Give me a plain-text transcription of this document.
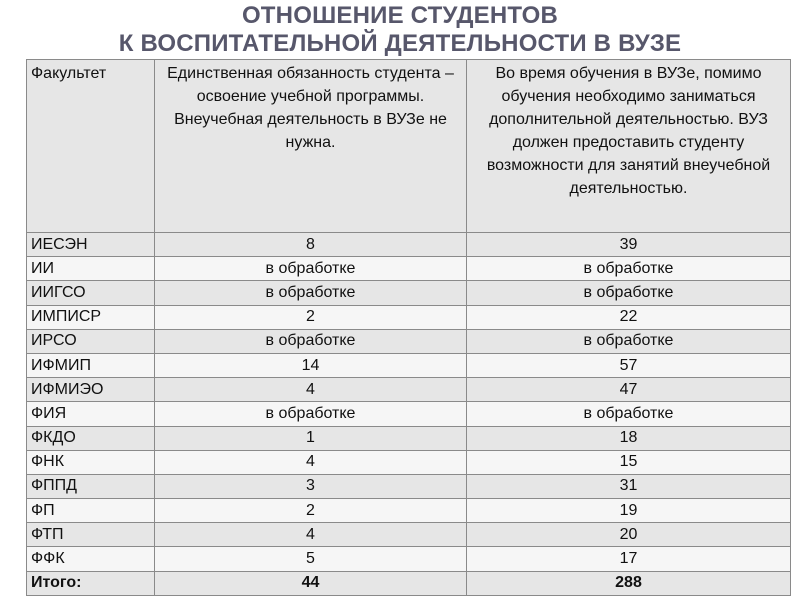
ОТНОШЕНИЕ СТУДЕНТОВ
К ВОСПИТАТЕЛЬНОЙ ДЕЯТЕЛЬНОСТИ В ВУЗЕ
Факультет	Единственная обязанность студента – освоение учебной программы. Внеучебная деятельность в ВУЗе не нужна.	Во время обучения в ВУЗе, помимо обучения необходимо заниматься дополнительной деятельностью. ВУЗ должен предоставить студенту возможности для занятий внеучебной деятельностью.
ИЕСЭН	8	39
ИИ	в обработке	в обработке
ИИГСО	в обработке	в обработке
ИМПИСР	2	22
ИРСО	в обработке	в обработке
ИФМИП	14	57
ИФМИЭО	4	47
ФИЯ	в обработке	в обработке
ФКДО	1	18
ФНК	4	15
ФППД	3	31
ФП	2	19
ФТП	4	20
ФФК	5	17
Итого:	44	288
